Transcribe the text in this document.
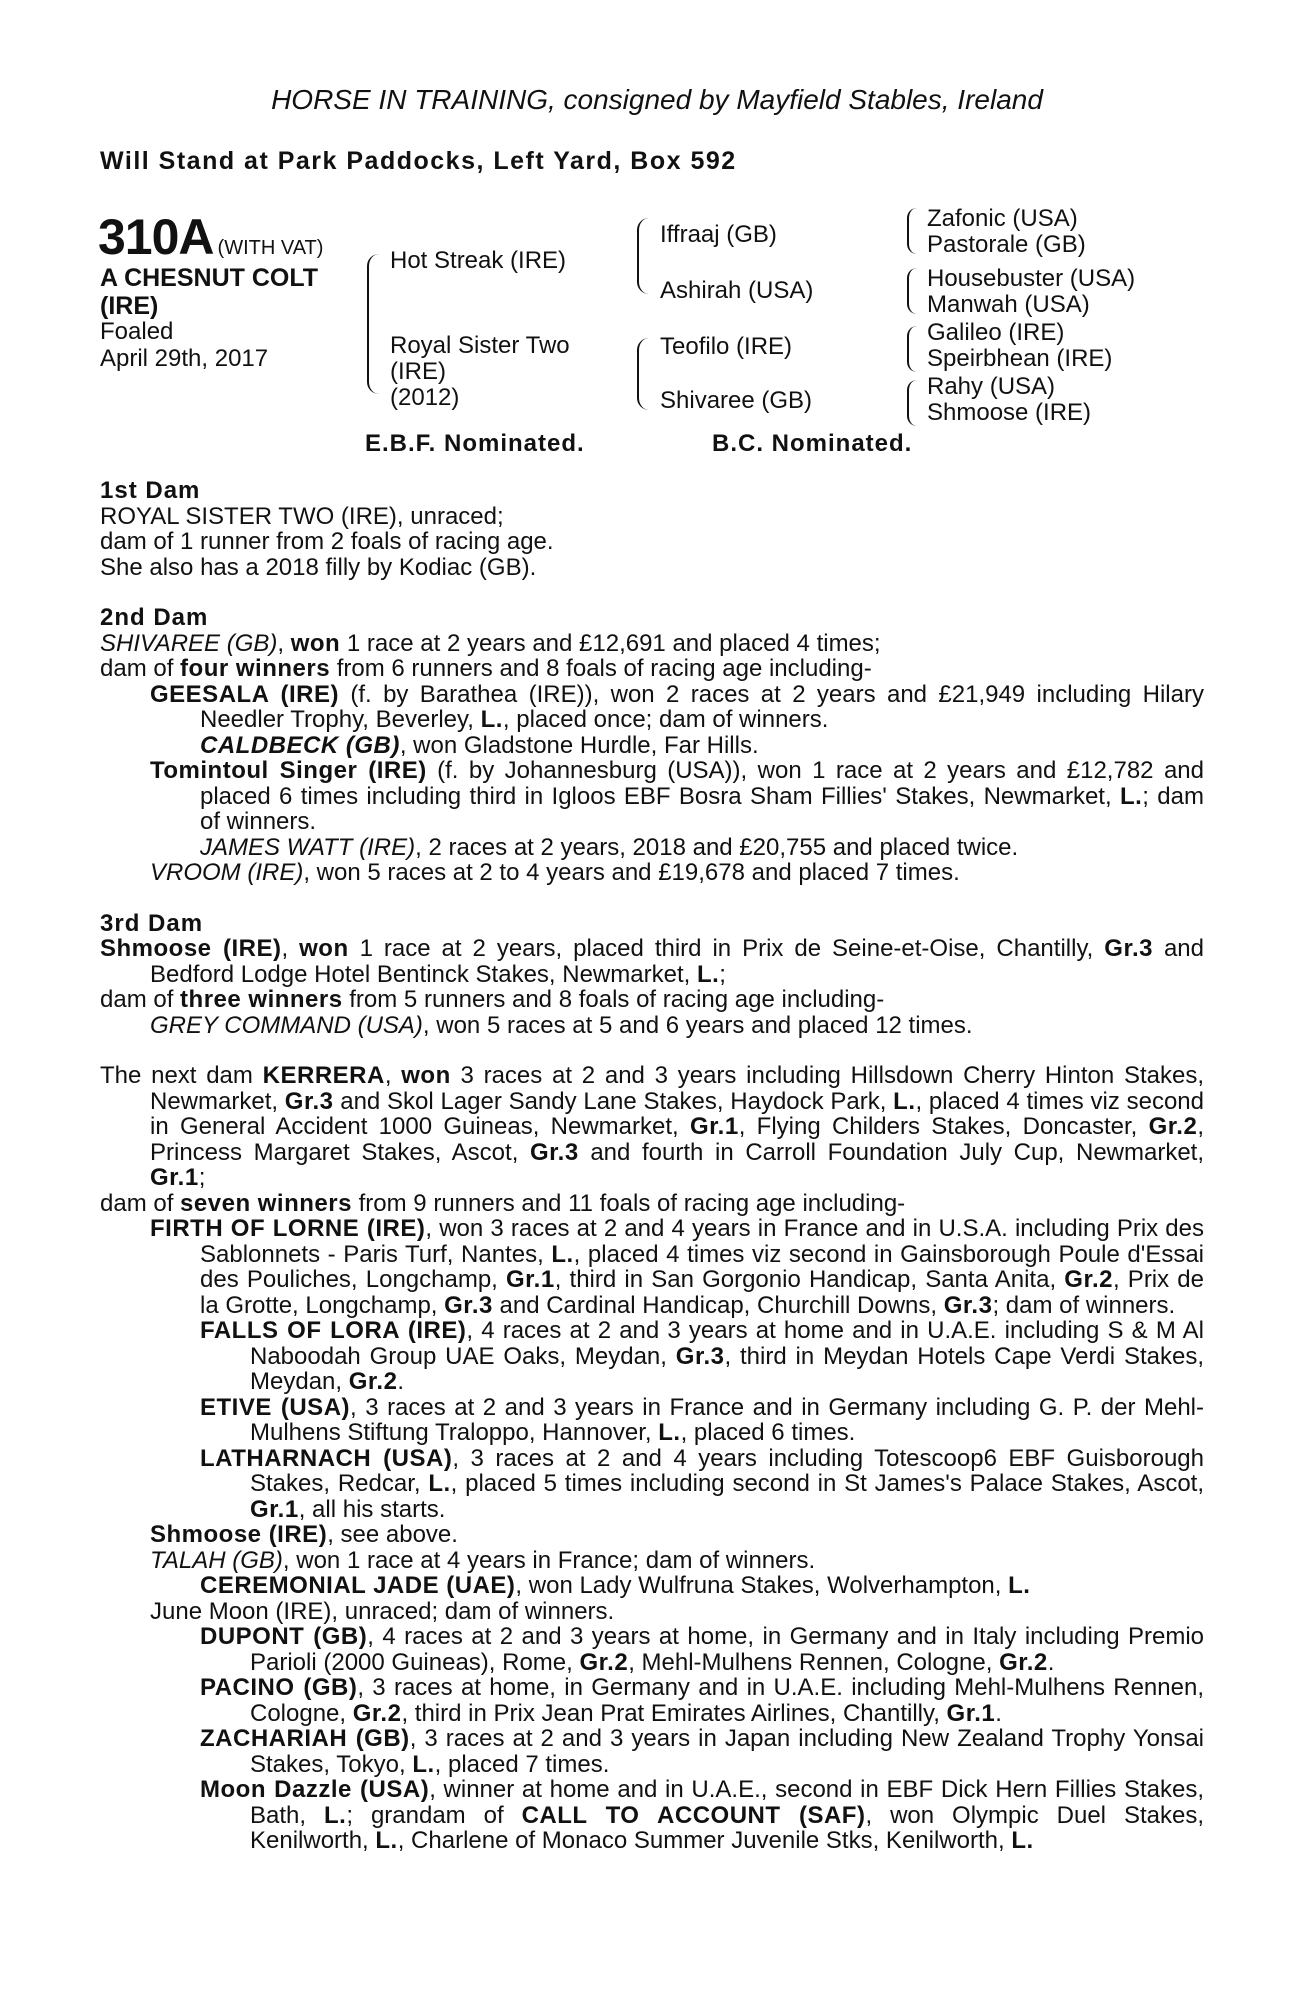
HORSE IN TRAINING, consigned by Mayfield Stables, Ireland
Will Stand at Park Paddocks, Left Yard, Box 592
310A (WITH VAT)
A CHESNUT COLT
(IRE)
Foaled
April 29th, 2017
Hot Streak (IRE)
Royal Sister Two
(IRE)
(2012)
Iffraaj (GB)
Ashirah (USA)
Teofilo (IRE)
Shivaree (GB)
Zafonic (USA)
Pastorale (GB)
Housebuster (USA)
Manwah (USA)
Galileo (IRE)
Speirbhean (IRE)
Rahy (USA)
Shmoose (IRE)
E.B.F. Nominated.	B.C. Nominated.
1st Dam

ROYAL SISTER TWO (IRE), unraced;

dam of 1 runner from 2 foals of racing age.

She also has a 2018 filly by Kodiac (GB).

2nd Dam

SHIVAREE (GB), won 1 race at 2 years and £12,691 and placed 4 times;

dam of four winners from 6 runners and 8 foals of racing age including-

GEESALA (IRE) (f. by Barathea (IRE)), won 2 races at 2 years and £21,949 including Hilary Needler Trophy, Beverley, L., placed once; dam of winners.

CALDBECK (GB), won Gladstone Hurdle, Far Hills.

Tomintoul Singer (IRE) (f. by Johannesburg (USA)), won 1 race at 2 years and £12,782 and placed 6 times including third in Igloos EBF Bosra Sham Fillies' Stakes, Newmarket, L.; dam of winners.

JAMES WATT (IRE), 2 races at 2 years, 2018 and £20,755 and placed twice.

VROOM (IRE), won 5 races at 2 to 4 years and £19,678 and placed 7 times.

3rd Dam

Shmoose (IRE), won 1 race at 2 years, placed third in Prix de Seine-et-Oise, Chantilly, Gr.3 and Bedford Lodge Hotel Bentinck Stakes, Newmarket, L.;

dam of three winners from 5 runners and 8 foals of racing age including-

GREY COMMAND (USA), won 5 races at 5 and 6 years and placed 12 times.

The next dam KERRERA, won 3 races at 2 and 3 years including Hillsdown Cherry Hinton Stakes, Newmarket, Gr.3 and Skol Lager Sandy Lane Stakes, Haydock Park, L., placed 4 times viz second in General Accident 1000 Guineas, Newmarket, Gr.1, Flying Childers Stakes, Doncaster, Gr.2, Princess Margaret Stakes, Ascot, Gr.3 and fourth in Carroll Foundation July Cup, Newmarket, Gr.1;

dam of seven winners from 9 runners and 11 foals of racing age including-

FIRTH OF LORNE (IRE), won 3 races at 2 and 4 years in France and in U.S.A. including Prix des Sablonnets - Paris Turf, Nantes, L., placed 4 times viz second in Gainsborough Poule d'Essai des Pouliches, Longchamp, Gr.1, third in San Gorgonio Handicap, Santa Anita, Gr.2, Prix de la Grotte, Longchamp, Gr.3 and Cardinal Handicap, Churchill Downs, Gr.3; dam of winners.

FALLS OF LORA (IRE), 4 races at 2 and 3 years at home and in U.A.E. including S & M Al Naboodah Group UAE Oaks, Meydan, Gr.3, third in Meydan Hotels Cape Verdi Stakes, Meydan, Gr.2.

ETIVE (USA), 3 races at 2 and 3 years in France and in Germany including G. P. der Mehl-Mulhens Stiftung Traloppo, Hannover, L., placed 6 times.

LATHARNACH (USA), 3 races at 2 and 4 years including Totescoop6 EBF Guisborough Stakes, Redcar, L., placed 5 times including second in St James's Palace Stakes, Ascot, Gr.1, all his starts.

Shmoose (IRE), see above.

TALAH (GB), won 1 race at 4 years in France; dam of winners.

CEREMONIAL JADE (UAE), won Lady Wulfruna Stakes, Wolverhampton, L.

June Moon (IRE), unraced; dam of winners.

DUPONT (GB), 4 races at 2 and 3 years at home, in Germany and in Italy including Premio Parioli (2000 Guineas), Rome, Gr.2, Mehl-Mulhens Rennen, Cologne, Gr.2.

PACINO (GB), 3 races at home, in Germany and in U.A.E. including Mehl-Mulhens Rennen, Cologne, Gr.2, third in Prix Jean Prat Emirates Airlines, Chantilly, Gr.1.

ZACHARIAH (GB), 3 races at 2 and 3 years in Japan including New Zealand Trophy Yonsai Stakes, Tokyo, L., placed 7 times.

Moon Dazzle (USA), winner at home and in U.A.E., second in EBF Dick Hern Fillies Stakes, Bath, L.; grandam of CALL TO ACCOUNT (SAF), won Olympic Duel Stakes, Kenilworth, L., Charlene of Monaco Summer Juvenile Stks, Kenilworth, L.
